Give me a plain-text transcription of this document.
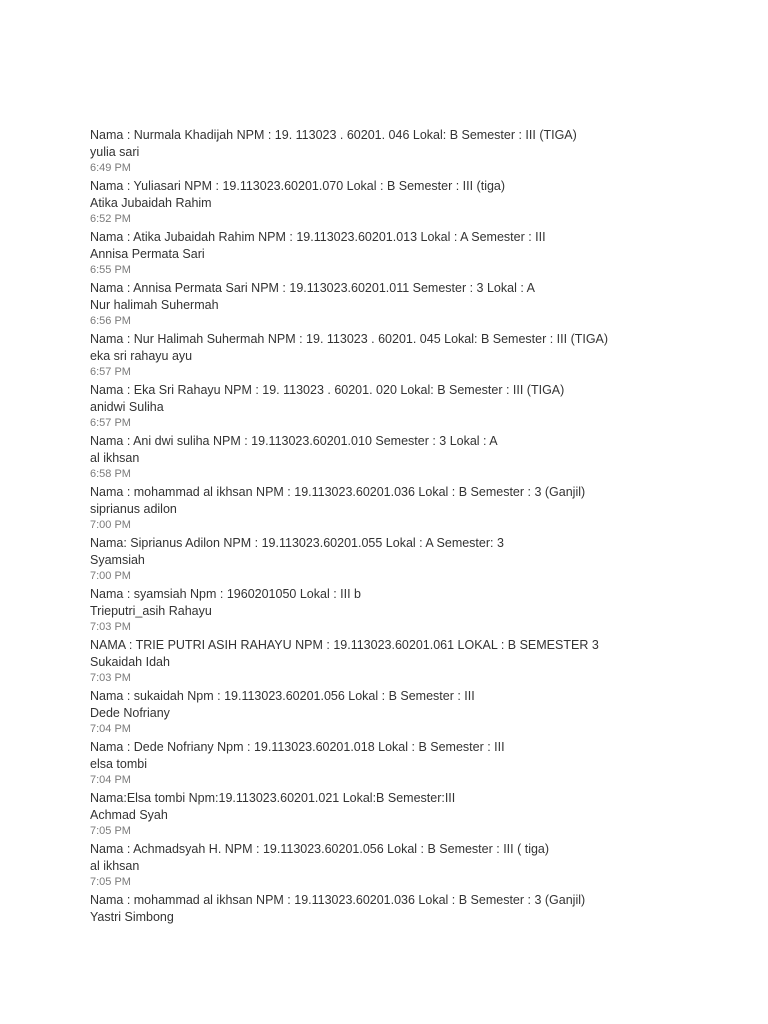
Nama : Nurmala Khadijah NPM : 19. 113023 . 60201. 046 Lokal: B Semester : III (TIGA)
yulia sari
6:49 PM
Nama : Yuliasari NPM : 19.113023.60201.070 Lokal : B Semester : III (tiga)
Atika Jubaidah Rahim
6:52 PM
Nama : Atika Jubaidah Rahim NPM : 19.113023.60201.013 Lokal : A Semester : III
Annisa Permata Sari
6:55 PM
Nama : Annisa Permata Sari NPM : 19.113023.60201.011 Semester : 3 Lokal : A
Nur halimah Suhermah
6:56 PM
Nama : Nur Halimah Suhermah NPM : 19. 113023 . 60201. 045 Lokal: B Semester : III (TIGA)
eka sri rahayu ayu
6:57 PM
Nama : Eka Sri Rahayu NPM : 19. 113023 . 60201. 020 Lokal: B Semester : III (TIGA)
anidwi Suliha
6:57 PM
Nama : Ani dwi suliha NPM : 19.113023.60201.010 Semester : 3 Lokal : A
al ikhsan
6:58 PM
Nama : mohammad al ikhsan NPM : 19.113023.60201.036 Lokal : B Semester : 3 (Ganjil)
siprianus adilon
7:00 PM
Nama: Siprianus Adilon NPM : 19.113023.60201.055 Lokal : A Semester: 3
Syamsiah
7:00 PM
Nama : syamsiah Npm : 1960201050 Lokal : III b
Trieputri_asih Rahayu
7:03 PM
NAMA : TRIE PUTRI ASIH RAHAYU NPM : 19.113023.60201.061 LOKAL : B SEMESTER 3
Sukaidah Idah
7:03 PM
Nama : sukaidah Npm : 19.113023.60201.056 Lokal : B Semester : III
Dede Nofriany
7:04 PM
Nama : Dede Nofriany Npm : 19.113023.60201.018 Lokal : B Semester : III
elsa tombi
7:04 PM
Nama:Elsa tombi Npm:19.113023.60201.021 Lokal:B Semester:III
Achmad Syah
7:05 PM
Nama : Achmadsyah H. NPM : 19.113023.60201.056 Lokal : B Semester : III ( tiga)
al ikhsan
7:05 PM
Nama : mohammad al ikhsan NPM : 19.113023.60201.036 Lokal : B Semester : 3 (Ganjil)
Yastri Simbong
